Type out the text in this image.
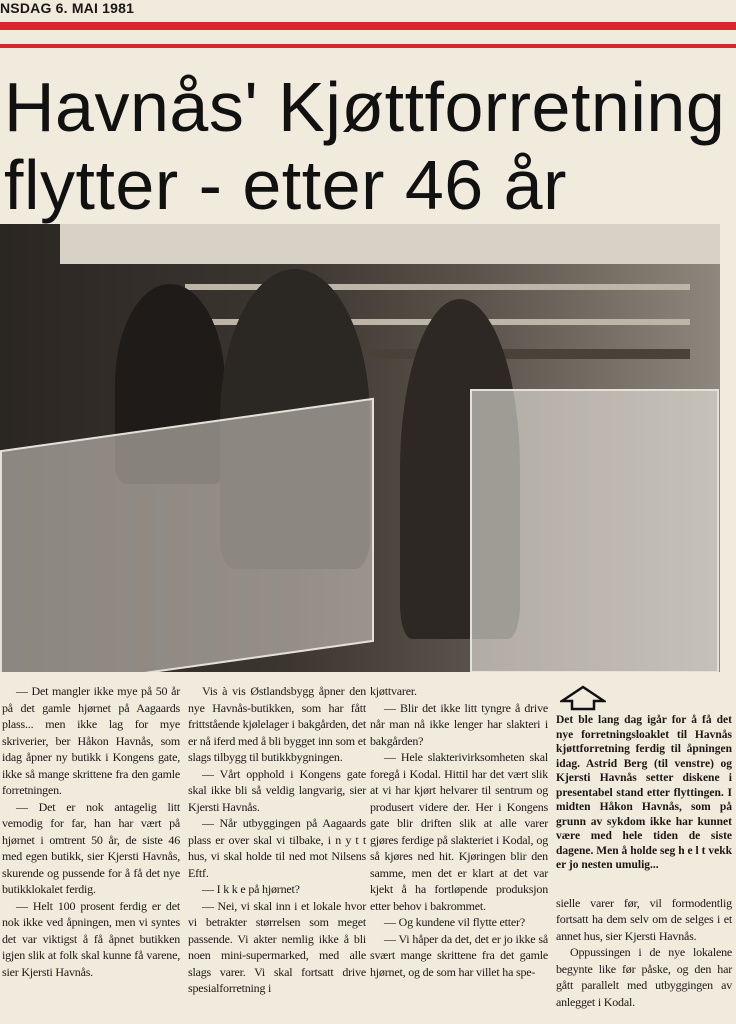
NSDAG 6. MAI 1981
Havnås' Kjøttforretning
flytter - etter 46 år

— Det mangler ikke mye på 50 år på det gamle hjørnet på Aagaards plass... men ikke lag for mye skriverier, ber Håkon Havnås, som idag åpner ny butikk i Kongens gate, ikke så mange skrittene fra den gamle forretningen.

— Det er nok antagelig litt vemodig for far, han har vært på hjørnet i omtrent 50 år, de siste 46 med egen butikk, sier Kjersti Havnås, skurende og pussende for å få det nye butikklokalet ferdig.

— Helt 100 prosent ferdig er det nok ikke ved åpningen, men vi syntes det var viktigst å få åpnet butikken igjen slik at folk skal kunne få varene, sier Kjersti Havnås.

Vis à vis Østlandsbygg åpner den nye Havnås-butikken, som har fått frittstående kjølelager i bakgården, det er nå iferd med å bli bygget inn som et slags tilbygg til butikkbygningen.

— Vårt opphold i Kongens gate skal ikke bli så veldig langvarig, sier Kjersti Havnås.

— Når utbyggingen på Aagaards plass er over skal vi tilbake, i n y t t hus, vi skal holde til ned mot Nilsens Eftf.

— I k k e på hjørnet?

— Nei, vi skal inn i et lokale hvor vi betrakter størrelsen som meget passende. Vi akter nemlig ikke å bli noen mini-supermarked, med alle slags varer. Vi skal fortsatt drive spesialforretning i

kjøttvarer.

— Blir det ikke litt tyngre å drive når man nå ikke lenger har slakteri i bakgården?

— Hele slakterivirksomheten skal foregå i Kodal. Hittil har det vært slik at vi har kjørt helvarer til sentrum og produsert videre der. Her i Kongens gate blir driften slik at alle varer gjøres ferdige på slakteriet i Kodal, og så kjøres ned hit. Kjøringen blir den samme, men det er klart at det var kjekt å ha fortløpende produksjon etter behov i bakrommet.

— Og kundene vil flytte etter?

— Vi håper da det, det er jo ikke så svært mange skrittene fra det gamle hjørnet, og de som har villet ha spe-

Det ble lang dag igår for å få det nye forretningsloaklet til Havnås kjøttforretning ferdig til åpningen idag. Astrid Berg (til venstre) og Kjersti Havnås setter diskene i presentabel stand etter flyttingen. I midten Håkon Havnås, som på grunn av sykdom ikke har kunnet være med hele tiden de siste dagene. Men å holde seg h e l t vekk er jo nesten umulig...

sielle varer før, vil formodentlig fortsatt ha dem selv om de selges i et annet hus, sier Kjersti Havnås.

Oppussingen i de nye lokalene begynte like før påske, og den har gått parallelt med utbyggingen av anlegget i Kodal.
